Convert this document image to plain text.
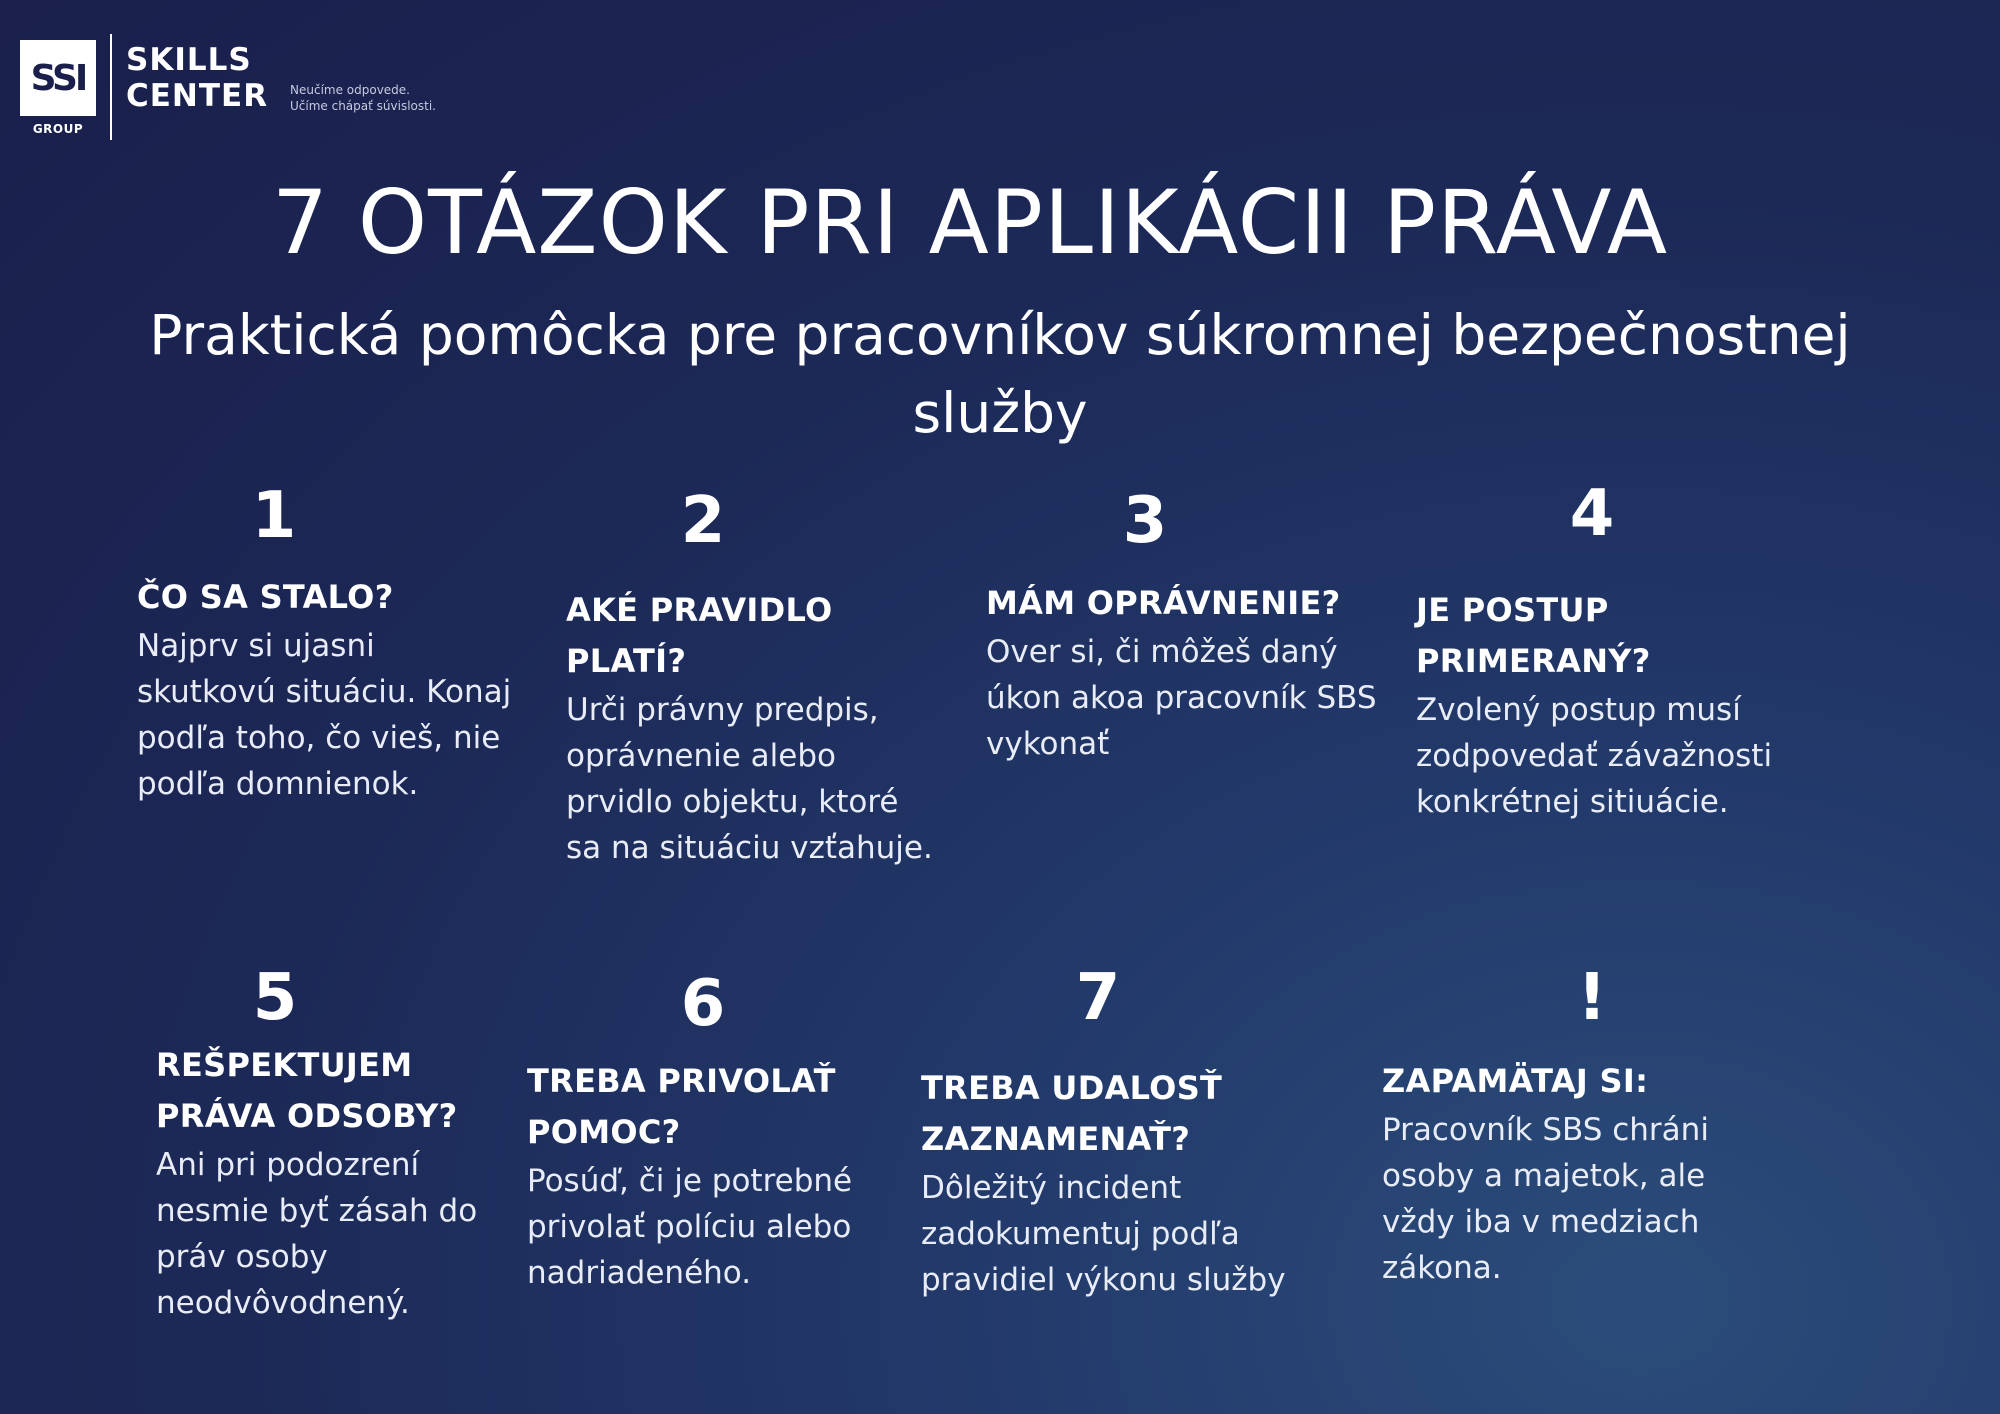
SSI
GROUP
SKILLS
CENTER Neučíme odpovede.
Učíme chápať súvislosti.
7 OTÁZOK PRI APLIKÁCII PRÁVA
Praktická pomôcka pre pracovníkov súkromnej bezpečnostnej služby
1
ČO SA STALO?
Najprv si ujasni skutkovú situáciu. Konaj podľa toho, čo vieš, nie podľa domnienok.
2
AKÉ PRAVIDLO PLATÍ?
Urči právny predpis, oprávnenie alebo prvidlo objektu, ktoré sa na situáciu vzťahuje.
3
MÁM OPRÁVNENIE?
Over si, či môžeš daný úkon akoa pracovník SBS vykonať
4
JE POSTUP PRIMERANÝ?
Zvolený postup musí zodpovedať závažnosti konkrétnej sitiuácie.
5
REŠPEKTUJEM PRÁVA ODSOBY?
Ani pri podozrení nesmie byť zásah do práv osoby neodvôvodnený.
6
TREBA PRIVOLAŤ POMOC?
Posúď, či je potrebné privolať políciu alebo nadriadeného.
7
TREBA UDALOSŤ ZAZNAMENAŤ?
Dôležitý incident zadokumentuj podľa pravidiel výkonu služby
!
ZAPAMÄTAJ SI:
Pracovník SBS chráni osoby a majetok, ale vždy iba v medziach zákona.
